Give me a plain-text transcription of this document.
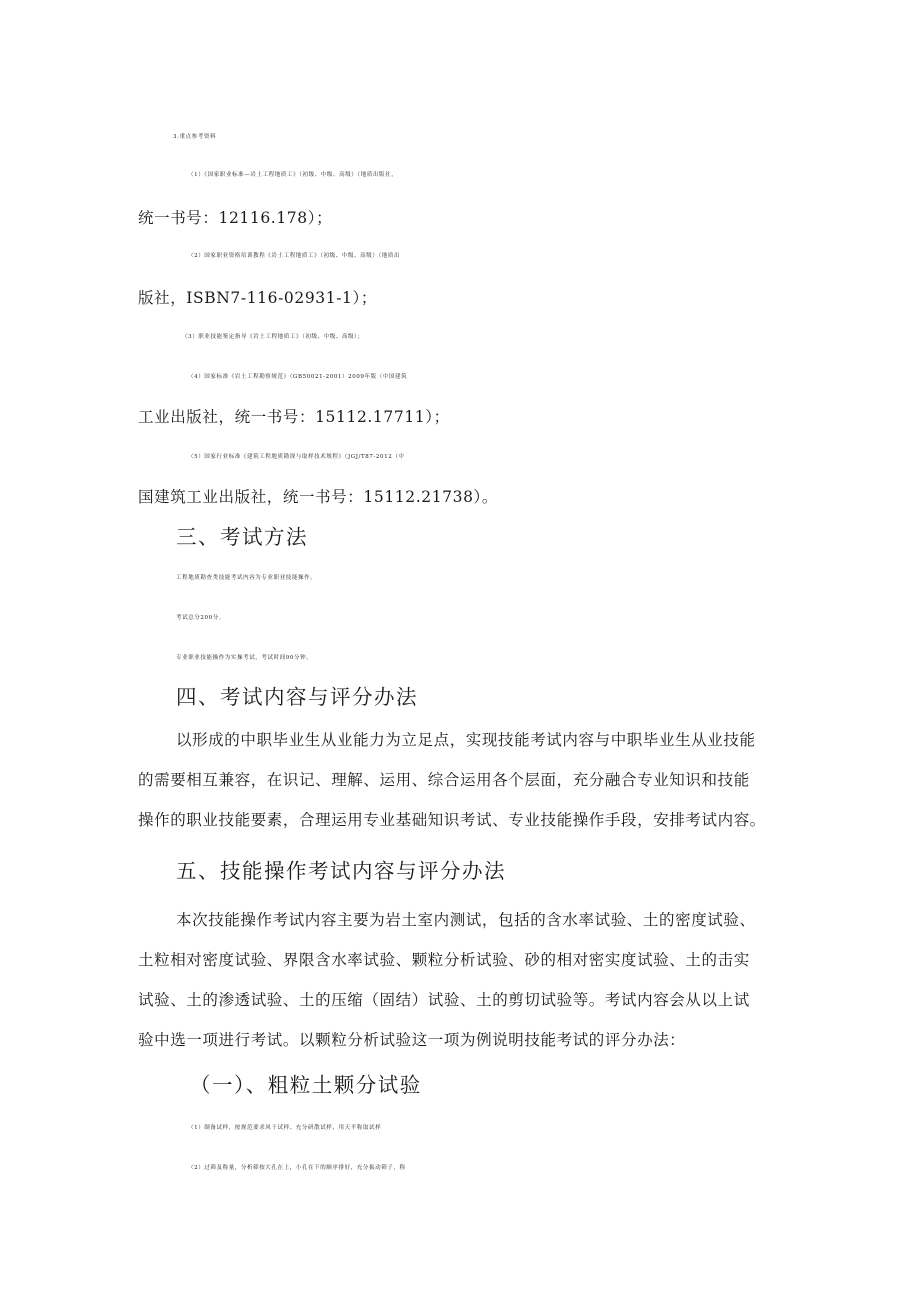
3.重点参考资料
（1）《国家职业标准—岩土工程地质工》（初级、中级、高级）（地质出版社，
统一书号：12116.178）；
（2）国家职业资格培训教程《岩土工程地质工》（初级、中级、高级）（地质出
版社，ISBN7-116-02931-1）；
（3）职业技能鉴定指导《岩土工程地质工》（初级、中级、高级）；
（4）国家标准《岩土工程勘察规范》（GB50021-2001）2009年版（中国建筑
工业出版社，统一书号：15112.17711）；
（5）国家行业标准《建筑工程地质勘探与取样技术规程》（JGJ/T87-2012（中
国建筑工业出版社，统一书号：15112.21738）。
三、考试方法
工程地质勘查类技能考试内容为专业职业技能操作。
考试总分200分。
专业职业技能操作为实操考试，考试时间90分钟。
四、考试内容与评分办法
以形成的中职毕业生从业能力为立足点，实现技能考试内容与中职毕业生从业技能
的需要相互兼容，在识记、理解、运用、综合运用各个层面，充分融合专业知识和技能
操作的职业技能要素，合理运用专业基础知识考试、专业技能操作手段，安排考试内容。
五、技能操作考试内容与评分办法
本次技能操作考试内容主要为岩土室内测试，包括的含水率试验、土的密度试验、
土粒相对密度试验、界限含水率试验、颗粒分析试验、砂的相对密实度试验、土的击实
试验、土的渗透试验、土的压缩（固结）试验、土的剪切试验等。考试内容会从以上试
验中选一项进行考试。以颗粒分析试验这一项为例说明技能考试的评分办法：
（一）、粗粒土颗分试验
（1）制备试样，按规范要求风干试样、充分研散试样、用天平称取试样
（2）过筛及称量，分析筛按大孔在上，小孔在下的顺序排好，充分振动筛子，称
